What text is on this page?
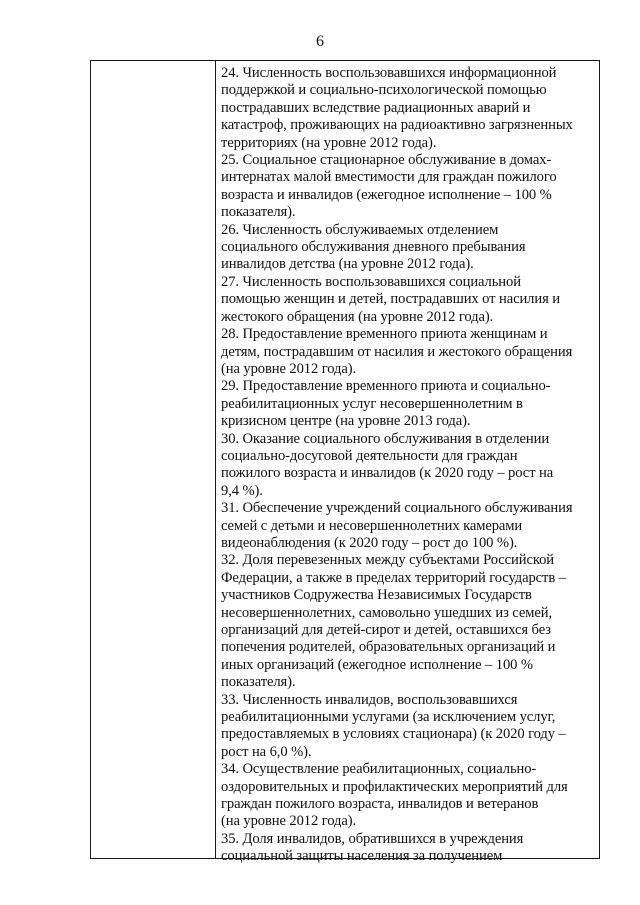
6
24. Численность воспользовавшихся информационной
поддержкой и социально-психологической помощью
пострадавших вследствие радиационных аварий и
катастроф, проживающих на радиоактивно загрязненных
территориях (на уровне 2012 года).
25. Социальное стационарное обслуживание в домах-
интернатах малой вместимости для граждан пожилого
возраста и инвалидов (ежегодное исполнение – 100 %
показателя).
26. Численность обслуживаемых отделением
социального обслуживания дневного пребывания
инвалидов детства (на уровне 2012 года).
27. Численность воспользовавшихся социальной
помощью женщин и детей, пострадавших от насилия и
жестокого обращения (на уровне 2012 года).
28. Предоставление временного приюта женщинам и
детям, пострадавшим от насилия и жестокого обращения
(на уровне 2012 года).
29. Предоставление временного приюта и социально-
реабилитационных услуг несовершеннолетним в
кризисном центре (на уровне 2013 года).
30. Оказание социального обслуживания в отделении
социально-досуговой деятельности для граждан
пожилого возраста и инвалидов (к 2020 году – рост на
9,4 %).
31. Обеспечение учреждений социального обслуживания
семей с детьми и несовершеннолетних камерами
видеонаблюдения (к 2020 году – рост до 100 %).
32. Доля перевезенных между субъектами Российской
Федерации, а также в пределах территорий государств –
участников Содружества Независимых Государств
несовершеннолетних, самовольно ушедших из семей,
организаций для детей-сирот и детей, оставшихся без
попечения родителей, образовательных организаций и
иных организаций (ежегодное исполнение – 100 %
показателя).
33. Численность инвалидов, воспользовавшихся
реабилитационными услугами (за исключением услуг,
предоставляемых в условиях стационара) (к 2020 году –
рост на 6,0 %).
34. Осуществление реабилитационных, социально-
оздоровительных и профилактических мероприятий для
граждан пожилого возраста, инвалидов и ветеранов
(на уровне 2012 года).
35. Доля инвалидов, обратившихся в учреждения
социальной защиты населения за получением
